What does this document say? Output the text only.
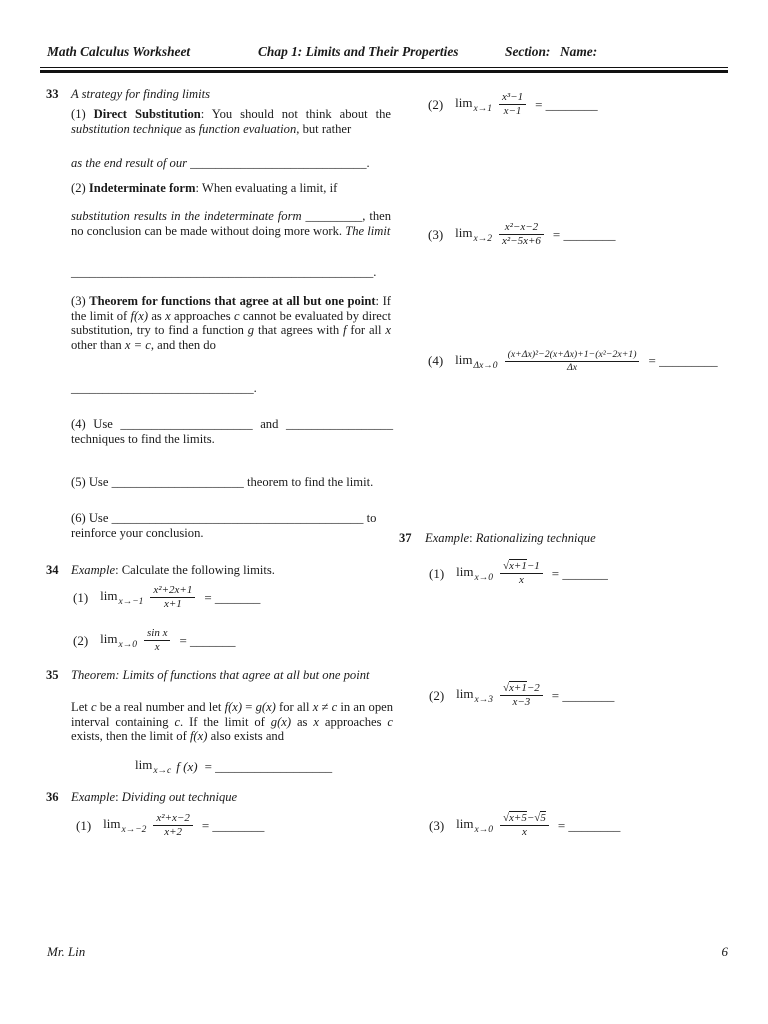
Math Calculus Worksheet	Chap 1: Limits and Their Properties	Section: Name:
33 A strategy for finding limits
(1) Direct Substitution: You should not think about the substitution technique as function evaluation, but rather
as the end result of our ____________________________.
(2) Indeterminate form: When evaluating a limit, if
substitution results in the indeterminate form _________, then no conclusion can be made without doing more work. The limit
________________________________________________.
(3) Theorem for functions that agree at all but one point: If the limit of f(x) as x approaches c cannot be evaluated by direct substitution, try to find a function g that agrees with f for all x other than x = c, and then do
_____________________________.
(4) Use _____________________ and _________________ techniques to find the limits.
(5) Use _____________________ theorem to find the limit.
(6) Use ________________________________________ to reinforce your conclusion.
34 Example: Calculate the following limits.
(1) $\lim_{x\to-1} \frac{\text{x²+2x+1}}{x+1}$ = _______
(2) $\lim_{x\to 0} \frac{\text{sin x}}{x}$ = _______
35 Theorem: Limits of functions that agree at all but one point
Let c be a real number and let f(x) = g(x) for all x ≠ c in an open interval containing c. If the limit of g(x) as x approaches c exists, then the limit of f(x) also exists and
$\lim_{x\to c} f$ (x) = __________________
36 Example: Dividing out technique
(1) $\lim_{x\to-2} \frac{\text{x²+x−2}}{x+2}$ = ________
(2) $\lim_{x\to 1} \frac{\text{x³−1}}{x-1}$ = ________
(3) $\lim_{x\to 2} \frac{\text{x²−x−2}}{\text{x²−5x+6}}$ = ________
(4) $\lim_{\Delta x\to 0} \frac{\text{(x+Δx)²−2(x+Δx)+1−(x²−2x+1)}}{\Delta x}$ = _________
37 Example: Rationalizing technique
(1) $\lim_{x\to 0} \frac{√x+1-1}{x}$ = _______
(2) $\lim_{x\to 3} \frac{√x+1-2}{x-3}$ = ________
(3) $\lim_{x\to 0} \frac{√x+5-√5}{x}$ = ________
Mr. Lin	6
